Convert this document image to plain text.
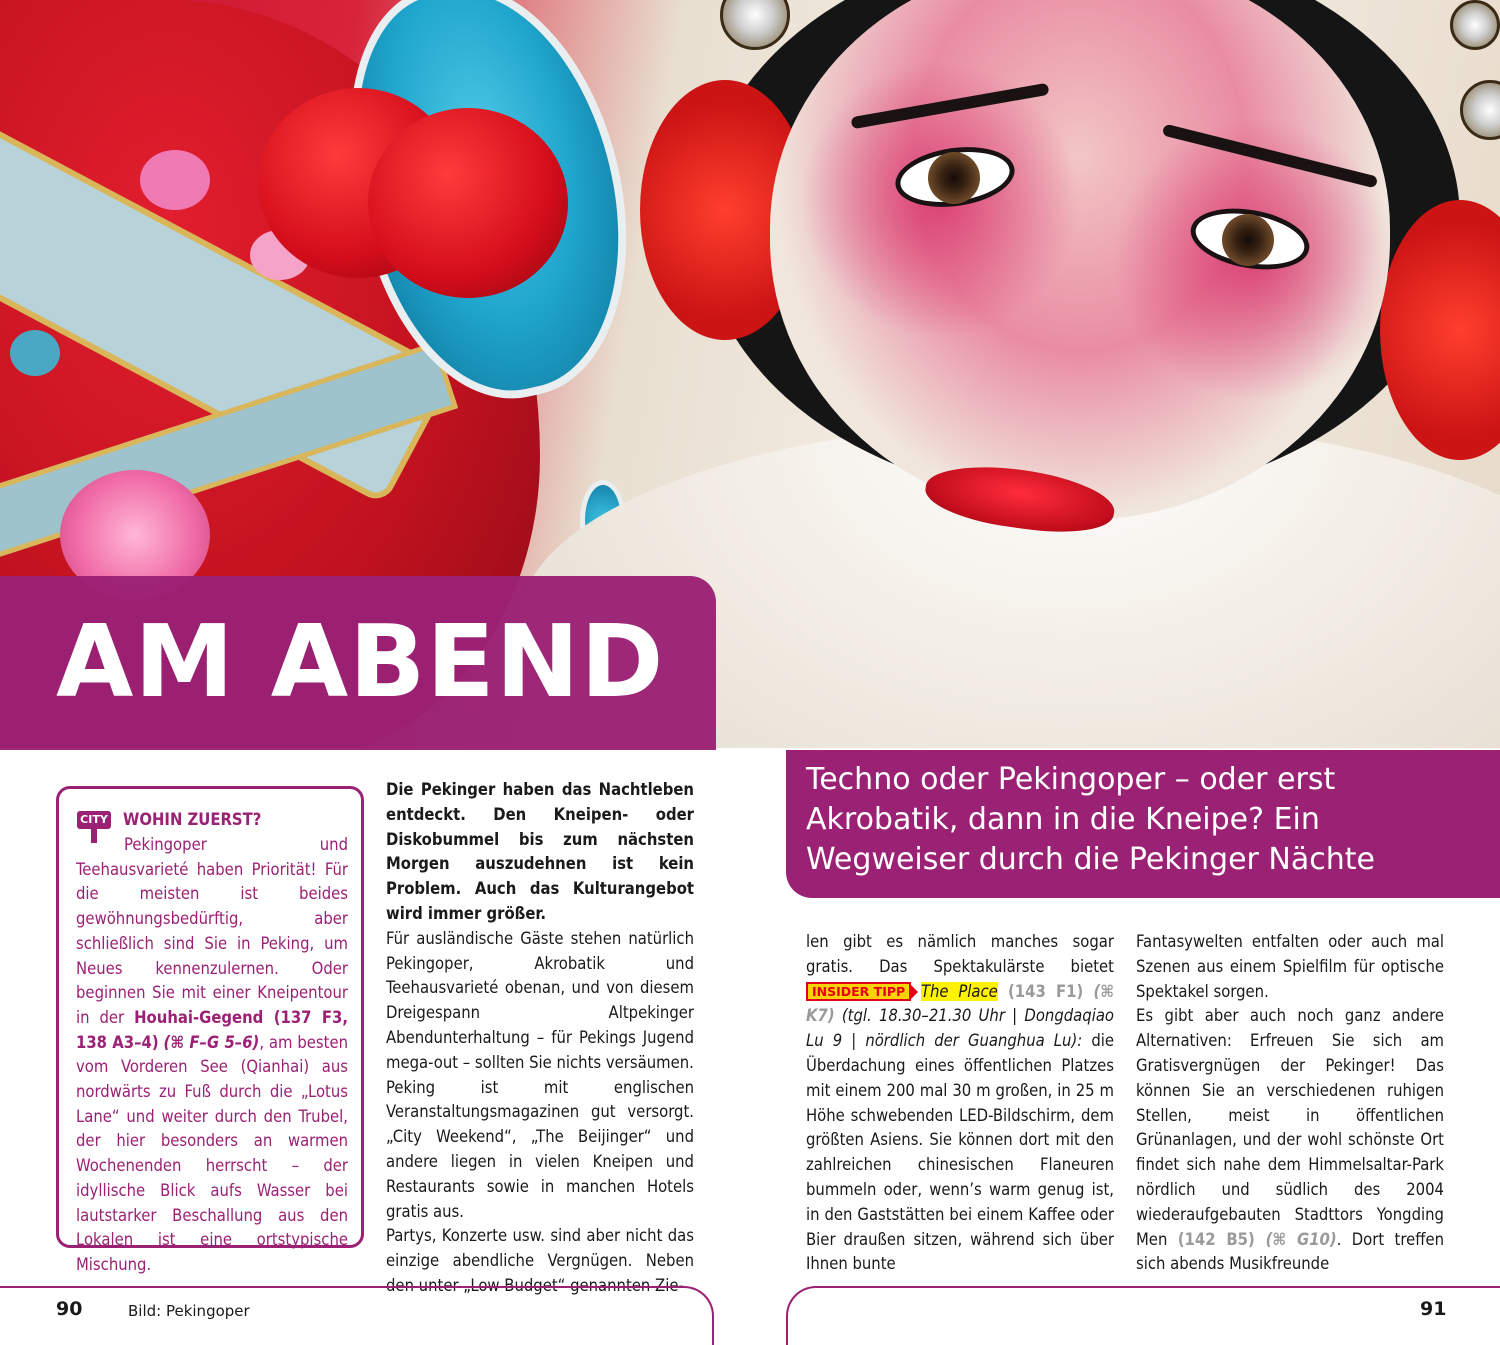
AM ABEND
CITY WOHIN ZUERST?
Pekingoper und Teehausvarieté haben Priorität! Für die meisten ist beides gewöhnungsbedürftig, aber schließlich sind Sie in Peking, um Neues kennenzulernen. Oder beginnen Sie mit einer Kneipentour in der Houhai-Gegend (137 F3, 138 A3–4) (⌘ F–G 5–6), am besten vom Vorderen See (Qianhai) aus nordwärts zu Fuß durch die „Lotus Lane“ und weiter durch den Trubel, der hier besonders an warmen Wochenenden herrscht – der idyllische Blick aufs Wasser bei lautstarker Beschallung aus den Lokalen ist eine ortstypische Mischung.

Die Pekinger haben das Nachtleben entdeckt. Den Kneipen- oder Diskobummel bis zum nächsten Morgen auszudehnen ist kein Problem. Auch das Kulturangebot wird immer größer.

Für ausländische Gäste stehen natürlich Pekingoper, Akrobatik und Teehausvarieté obenan, und von diesem Dreigespann Altpekinger Abendunterhaltung – für Pekings Jugend mega-out – sollten Sie nichts versäumen.

Peking ist mit englischen Veranstaltungsmagazinen gut versorgt. „City Weekend“, „The Beijinger“ und andere liegen in vielen Kneipen und Restaurants sowie in manchen Hotels gratis aus.

Partys, Konzerte usw. sind aber nicht das einzige abendliche Vergnügen. Neben den unter „Low Budget“ genannten Zie-

Techno oder Pekingoper – oder erst Akrobatik, dann in die Kneipe? Ein Wegweiser durch die Pekinger Nächte

len gibt es nämlich manches sogar gratis. Das Spektakulärste bietet INSIDER TIPP The Place (143 F1) (⌘ K7) (tgl. 18.30–21.30 Uhr | Dongdaqiao Lu 9 | nördlich der Guanghua Lu): die Überdachung eines öffentlichen Platzes mit einem 200 mal 30 m großen, in 25 m Höhe schwebenden LED-Bildschirm, dem größten Asiens. Sie können dort mit den zahlreichen chinesischen Flaneuren bummeln oder, wenn’s warm genug ist, in den Gaststätten bei einem Kaffee oder Bier draußen sitzen, während sich über Ihnen bunte

Fantasywelten entfalten oder auch mal Szenen aus einem Spielfilm für optische Spektakel sorgen.

Es gibt aber auch noch ganz andere Alternativen: Erfreuen Sie sich am Gratisvergnügen der Pekinger! Das können Sie an verschiedenen ruhigen Stellen, meist in öffentlichen Grünanlagen, und der wohl schönste Ort findet sich nahe dem Himmelsaltar-Park nördlich und südlich des 2004 wiederaufgebauten Stadttors Yongding Men (142 B5) (⌘ G10). Dort treffen sich abends Musikfreunde

90	Bild: Pekingoper	91
